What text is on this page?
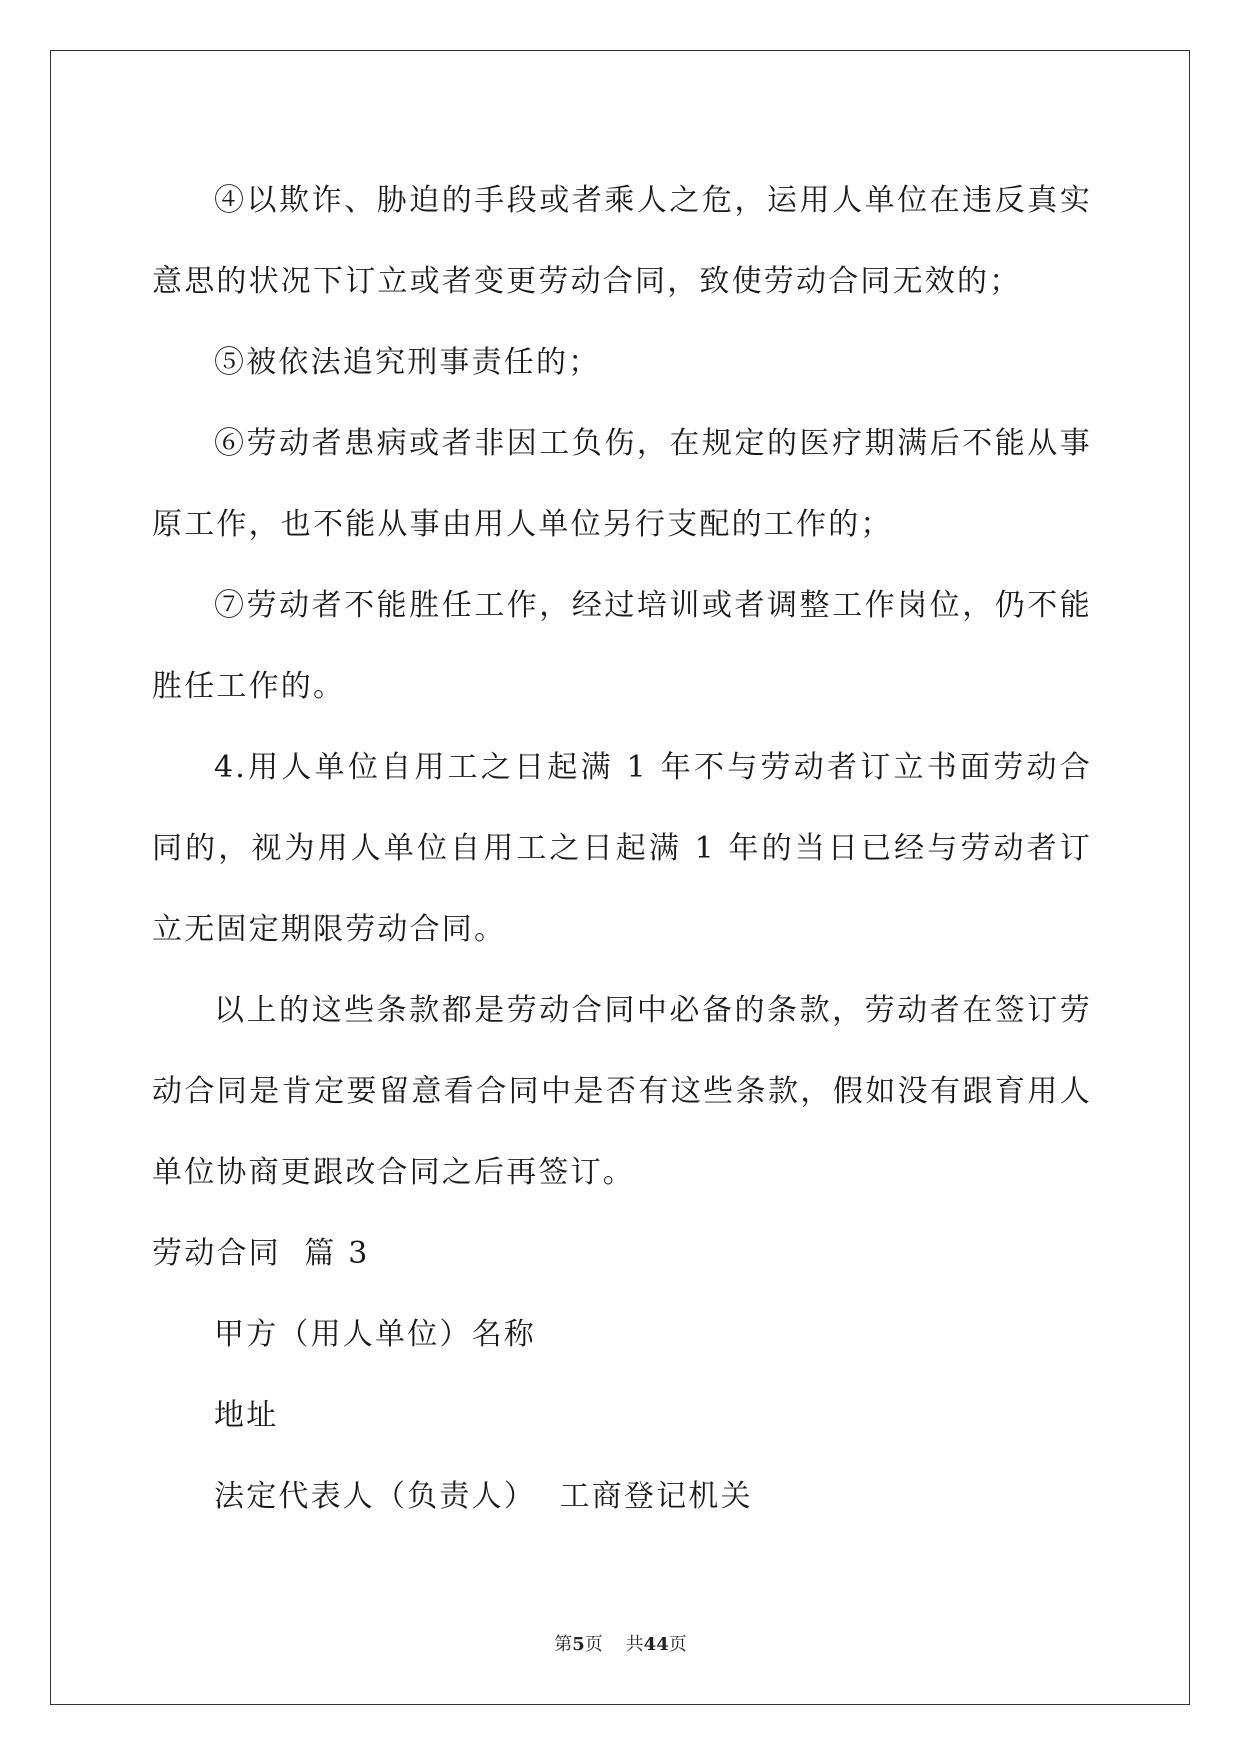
④以欺诈、胁迫的手段或者乘人之危，运用人单位在违反真实意思的状况下订立或者变更劳动合同，致使劳动合同无效的；

⑤被依法追究刑事责任的；

⑥劳动者患病或者非因工负伤，在规定的医疗期满后不能从事原工作，也不能从事由用人单位另行支配的工作的；

⑦劳动者不能胜任工作，经过培训或者调整工作岗位，仍不能胜任工作的。

4.用人单位自用工之日起满 1 年不与劳动者订立书面劳动合同的，视为用人单位自用工之日起满 1 年的当日已经与劳动者订立无固定期限劳动合同。

以上的这些条款都是劳动合同中必备的条款，劳动者在签订劳动合同是肯定要留意看合同中是否有这些条款，假如没有跟育用人单位协商更跟改合同之后再签订。

劳动合同  篇 3

甲方（用人单位）名称

地址

法定代表人（负责人）  工商登记机关

第5页 共44页
